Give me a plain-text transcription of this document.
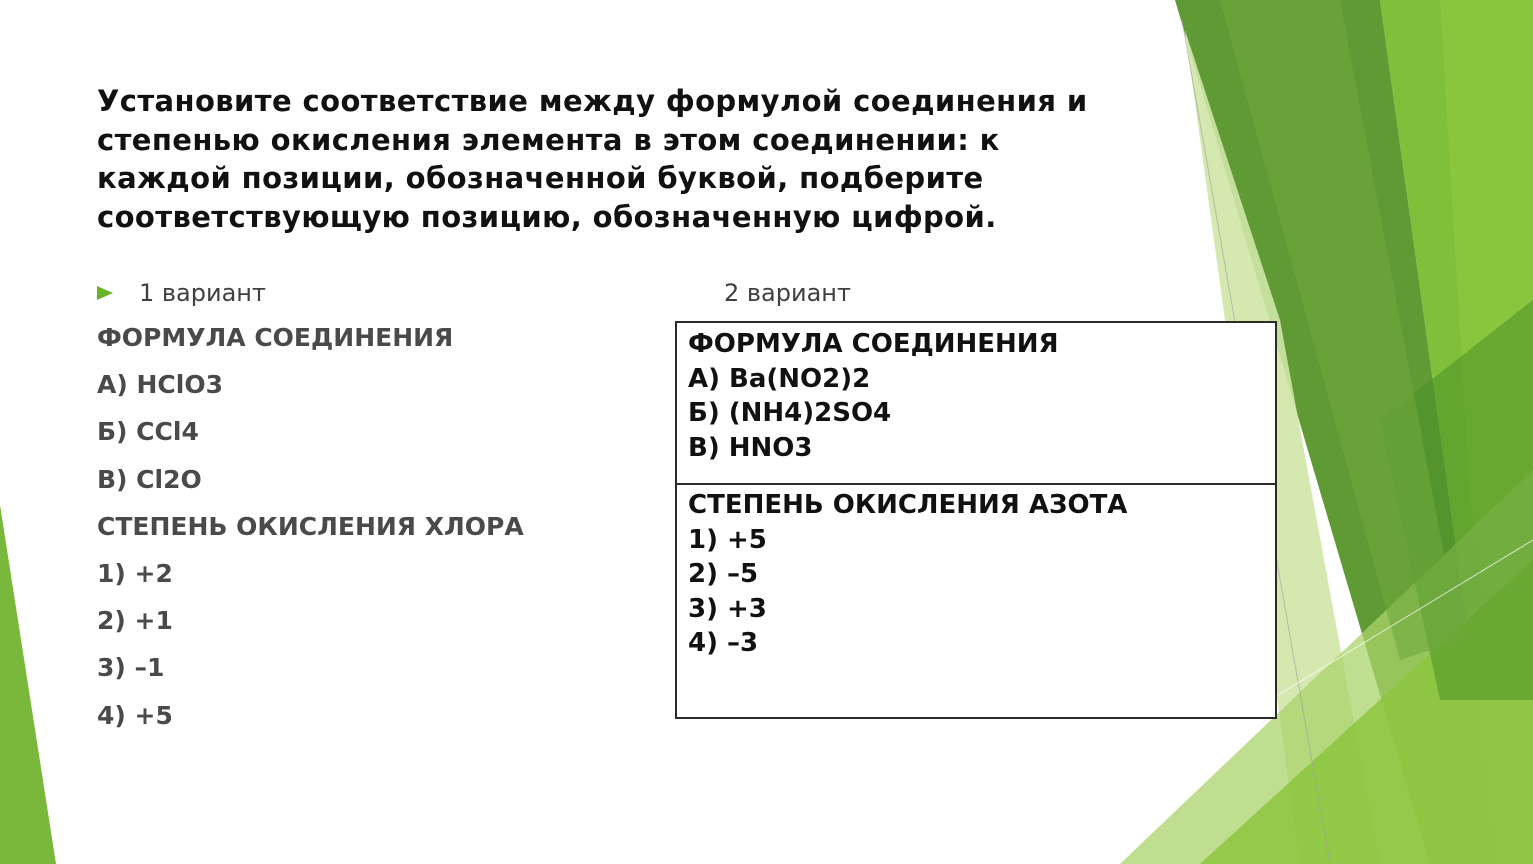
Установите соответствие между формулой соединения и
степенью окисления элемента в этом соединении: к
каждой позиции, обозначенной буквой, подберите
соответствующую позицию, обозначенную цифрой.
1 вариант	2 вариант
ФОРМУЛА СОЕДИНЕНИЯ
А) HClO3
Б) CCl4
В) Cl2O
СТЕПЕНЬ ОКИСЛЕНИЯ ХЛОРА
1) +2
2) +1
3) –1
4) +5
ФОРМУЛА СОЕДИНЕНИЯ
А) Ba(NO2)2
Б) (NH4)2SO4
В) HNO3
СТЕПЕНЬ ОКИСЛЕНИЯ АЗОТА
1) +5
2) –5
3) +3
4) –3
